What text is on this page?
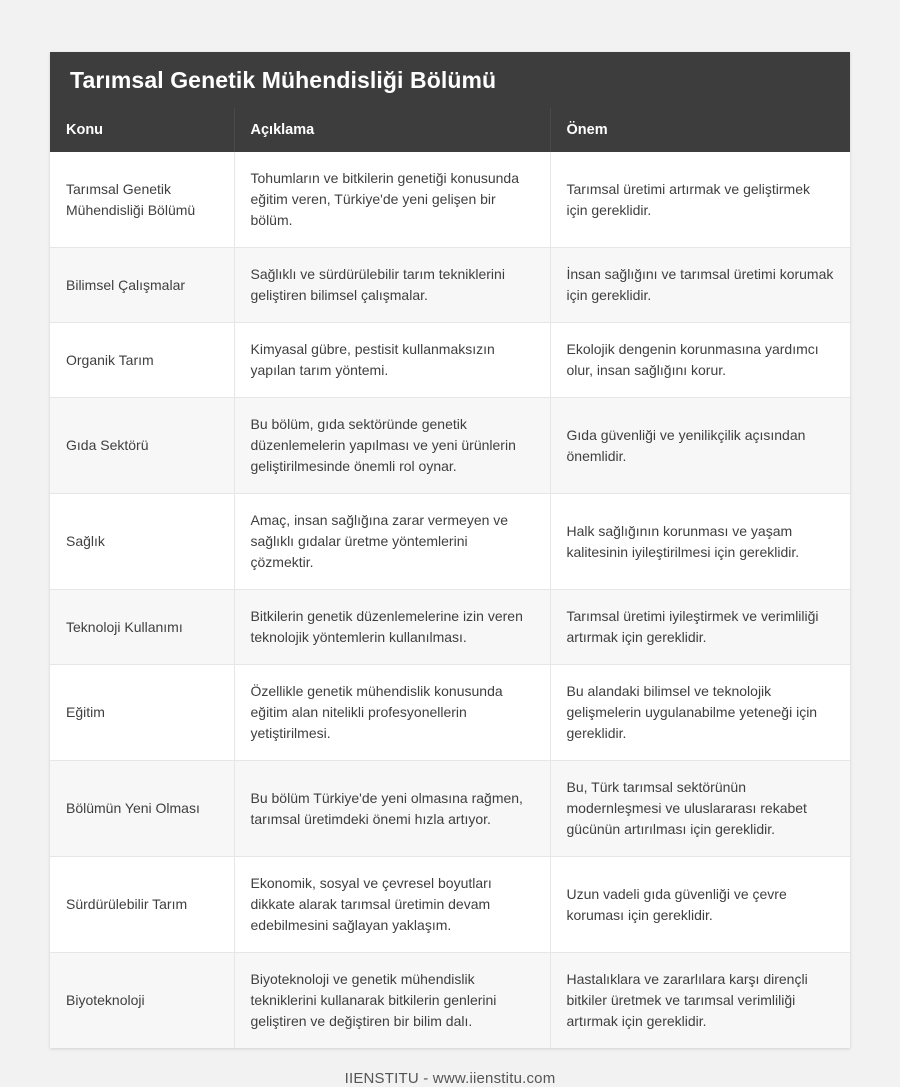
Tarımsal Genetik Mühendisliği Bölümü
Konu	Açıklama	Önem
Tarımsal Genetik Mühendisliği Bölümü	Tohumların ve bitkilerin genetiği konusunda eğitim veren, Türkiye'de yeni gelişen bir bölüm.	Tarımsal üretimi artırmak ve geliştirmek için gereklidir.
Bilimsel Çalışmalar	Sağlıklı ve sürdürülebilir tarım tekniklerini geliştiren bilimsel çalışmalar.	İnsan sağlığını ve tarımsal üretimi korumak için gereklidir.
Organik Tarım	Kimyasal gübre, pestisit kullanmaksızın yapılan tarım yöntemi.	Ekolojik dengenin korunmasına yardımcı olur, insan sağlığını korur.
Gıda Sektörü	Bu bölüm, gıda sektöründe genetik düzenlemelerin yapılması ve yeni ürünlerin geliştirilmesinde önemli rol oynar.	Gıda güvenliği ve yenilikçilik açısından önemlidir.
Sağlık	Amaç, insan sağlığına zarar vermeyen ve sağlıklı gıdalar üretme yöntemlerini çözmektir.	Halk sağlığının korunması ve yaşam kalitesinin iyileştirilmesi için gereklidir.
Teknoloji Kullanımı	Bitkilerin genetik düzenlemelerine izin veren teknolojik yöntemlerin kullanılması.	Tarımsal üretimi iyileştirmek ve verimliliği artırmak için gereklidir.
Eğitim	Özellikle genetik mühendislik konusunda eğitim alan nitelikli profesyonellerin yetiştirilmesi.	Bu alandaki bilimsel ve teknolojik gelişmelerin uygulanabilme yeteneği için gereklidir.
Bölümün Yeni Olması	Bu bölüm Türkiye'de yeni olmasına rağmen, tarımsal üretimdeki önemi hızla artıyor.	Bu, Türk tarımsal sektörünün modernleşmesi ve uluslararası rekabet gücünün artırılması için gereklidir.
Sürdürülebilir Tarım	Ekonomik, sosyal ve çevresel boyutları dikkate alarak tarımsal üretimin devam edebilmesini sağlayan yaklaşım.	Uzun vadeli gıda güvenliği ve çevre koruması için gereklidir.
Biyoteknoloji	Biyoteknoloji ve genetik mühendislik tekniklerini kullanarak bitkilerin genlerini geliştiren ve değiştiren bir bilim dalı.	Hastalıklara ve zararlılara karşı dirençli bitkiler üretmek ve tarımsal verimliliği artırmak için gereklidir.
IIENSTITU - www.iienstitu.com
